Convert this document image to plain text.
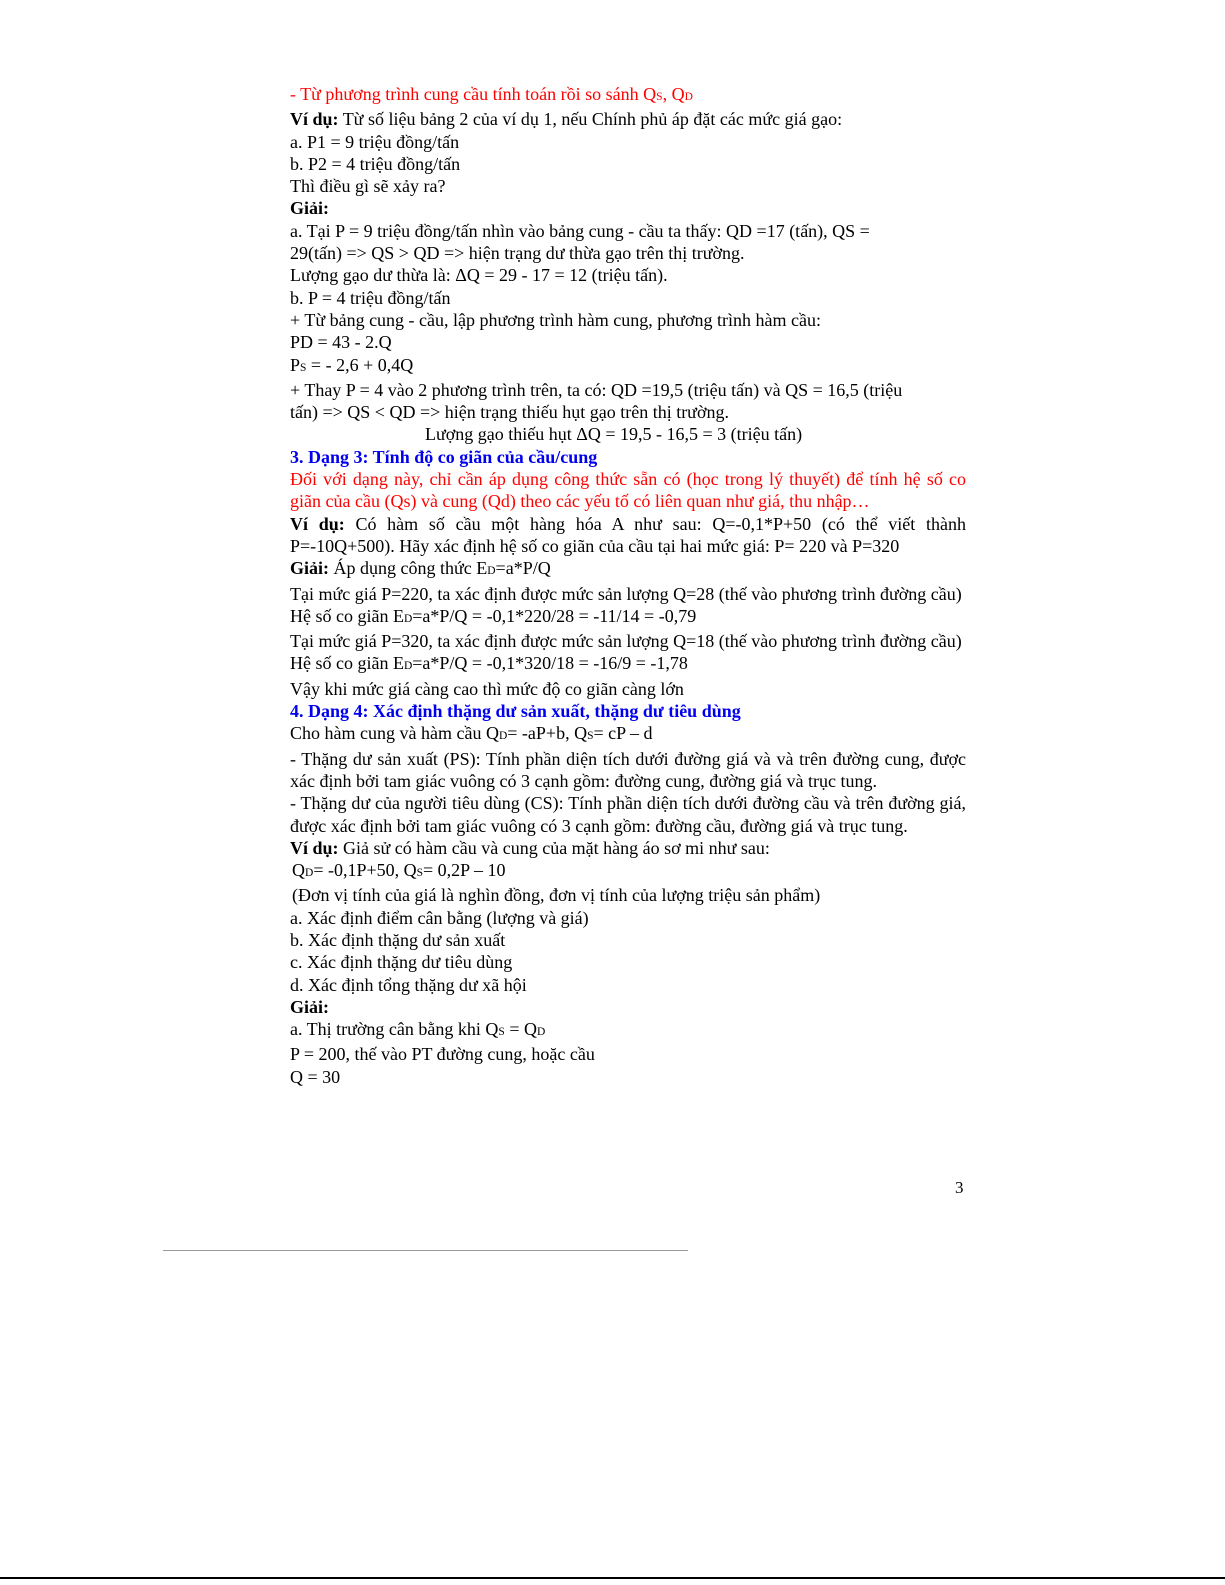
- Từ phương trình cung cầu tính toán rồi so sánh QS, QD
Ví dụ: Từ số liệu bảng 2 của ví dụ 1, nếu Chính phủ áp đặt các mức giá gạo:
a. P1 = 9 triệu đồng/tấn
b. P2 = 4 triệu đồng/tấn
Thì điều gì sẽ xảy ra?
Giải:
a. Tại P = 9 triệu đồng/tấn nhìn vào bảng cung - cầu ta thấy: QD =17 (tấn), QS =
29(tấn) => QS > QD => hiện trạng dư thừa gạo trên thị trường.
Lượng gạo dư thừa là: ΔQ = 29 - 17 = 12 (triệu tấn).
b. P = 4 triệu đồng/tấn
+ Từ bảng cung - cầu, lập phương trình hàm cung, phương trình hàm cầu:
PD = 43 - 2.Q
PS = - 2,6 + 0,4Q
+ Thay P = 4 vào 2 phương trình trên, ta có: QD =19,5 (triệu tấn) và QS = 16,5 (triệu
tấn) => QS < QD => hiện trạng thiếu hụt gạo trên thị trường.
Lượng gạo thiếu hụt ΔQ = 19,5 - 16,5 = 3 (triệu tấn)
3. Dạng 3: Tính độ co giãn của cầu/cung
Đối với dạng này, chỉ cần áp dụng công thức sẵn có (học trong lý thuyết) để tính hệ số co giãn của cầu (Qs) và cung (Qd) theo các yếu tố có liên quan như giá, thu nhập…
Ví dụ: Có hàm số cầu một hàng hóa A như sau: Q=-0,1*P+50 (có thể viết thành P=-10Q+500). Hãy xác định hệ số co giãn của cầu tại hai mức giá: P= 220 và P=320
Giải: Áp dụng công thức ED=a*P/Q
Tại mức giá P=220, ta xác định được mức sản lượng Q=28 (thế vào phương trình đường cầu)
Hệ số co giãn ED=a*P/Q = -0,1*220/28 = -11/14 = -0,79
Tại mức giá P=320, ta xác định được mức sản lượng Q=18 (thế vào phương trình đường cầu)
Hệ số co giãn ED=a*P/Q = -0,1*320/18 = -16/9 = -1,78
Vậy khi mức giá càng cao thì mức độ co giãn càng lớn
4. Dạng 4: Xác định thặng dư sản xuất, thặng dư tiêu dùng
Cho hàm cung và hàm cầu QD= -aP+b, QS= cP – d
- Thặng dư sản xuất (PS): Tính phần diện tích dưới đường giá và và trên đường cung, được xác định bởi tam giác vuông có 3 cạnh gồm: đường cung, đường giá và trục tung.
- Thặng dư của người tiêu dùng (CS): Tính phần diện tích dưới đường cầu và trên đường giá, được xác định bởi tam giác vuông có 3 cạnh gồm: đường cầu, đường giá và trục tung.
Ví dụ: Giả sử có hàm cầu và cung của mặt hàng áo sơ mi như sau:
QD= -0,1P+50, QS= 0,2P – 10
(Đơn vị tính của giá là nghìn đồng, đơn vị tính của lượng triệu sản phẩm)
a. Xác định điểm cân bằng (lượng và giá)
b. Xác định thặng dư sản xuất
c. Xác định thặng dư tiêu dùng
d. Xác định tổng thặng dư xã hội
Giải:
a. Thị trường cân bằng khi QS = QD
P = 200, thế vào PT đường cung, hoặc cầu
Q = 30
3
